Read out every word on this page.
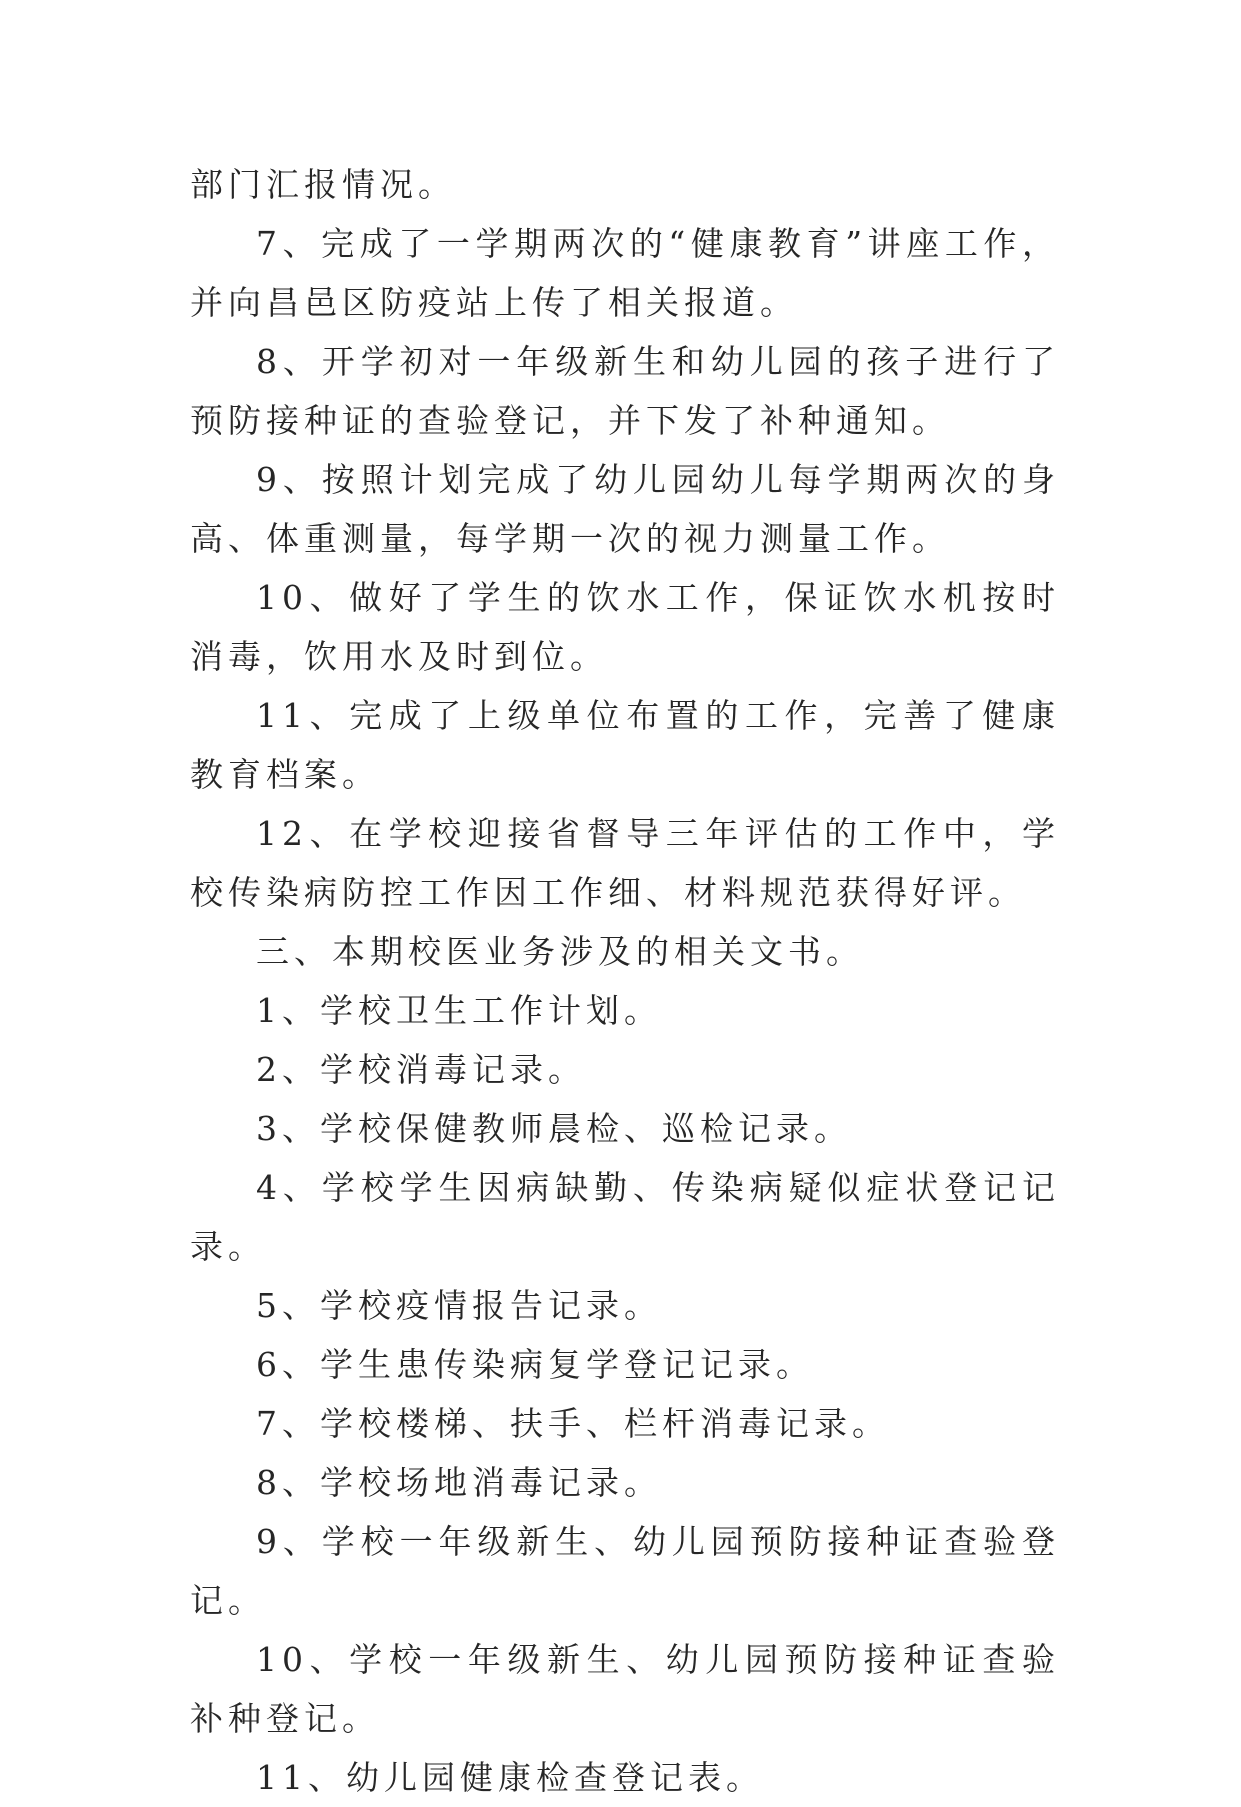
部门汇报情况。

7、完成了一学期两次的“健康教育”讲座工作，并向昌邑区防疫站上传了相关报道。

8、开学初对一年级新生和幼儿园的孩子进行了预防接种证的查验登记，并下发了补种通知。

9、按照计划完成了幼儿园幼儿每学期两次的身高、体重测量，每学期一次的视力测量工作。

10、做好了学生的饮水工作，保证饮水机按时消毒，饮用水及时到位。

11、完成了上级单位布置的工作，完善了健康教育档案。

12、在学校迎接省督导三年评估的工作中，学校传染病防控工作因工作细、材料规范获得好评。

三、本期校医业务涉及的相关文书。

1、学校卫生工作计划。

2、学校消毒记录。

3、学校保健教师晨检、巡检记录。

4、学校学生因病缺勤、传染病疑似症状登记记录。

5、学校疫情报告记录。

6、学生患传染病复学登记记录。

7、学校楼梯、扶手、栏杆消毒记录。

8、学校场地消毒记录。

9、学校一年级新生、幼儿园预防接种证查验登记。

10、学校一年级新生、幼儿园预防接种证查验补种登记。

11、幼儿园健康检查登记表。
